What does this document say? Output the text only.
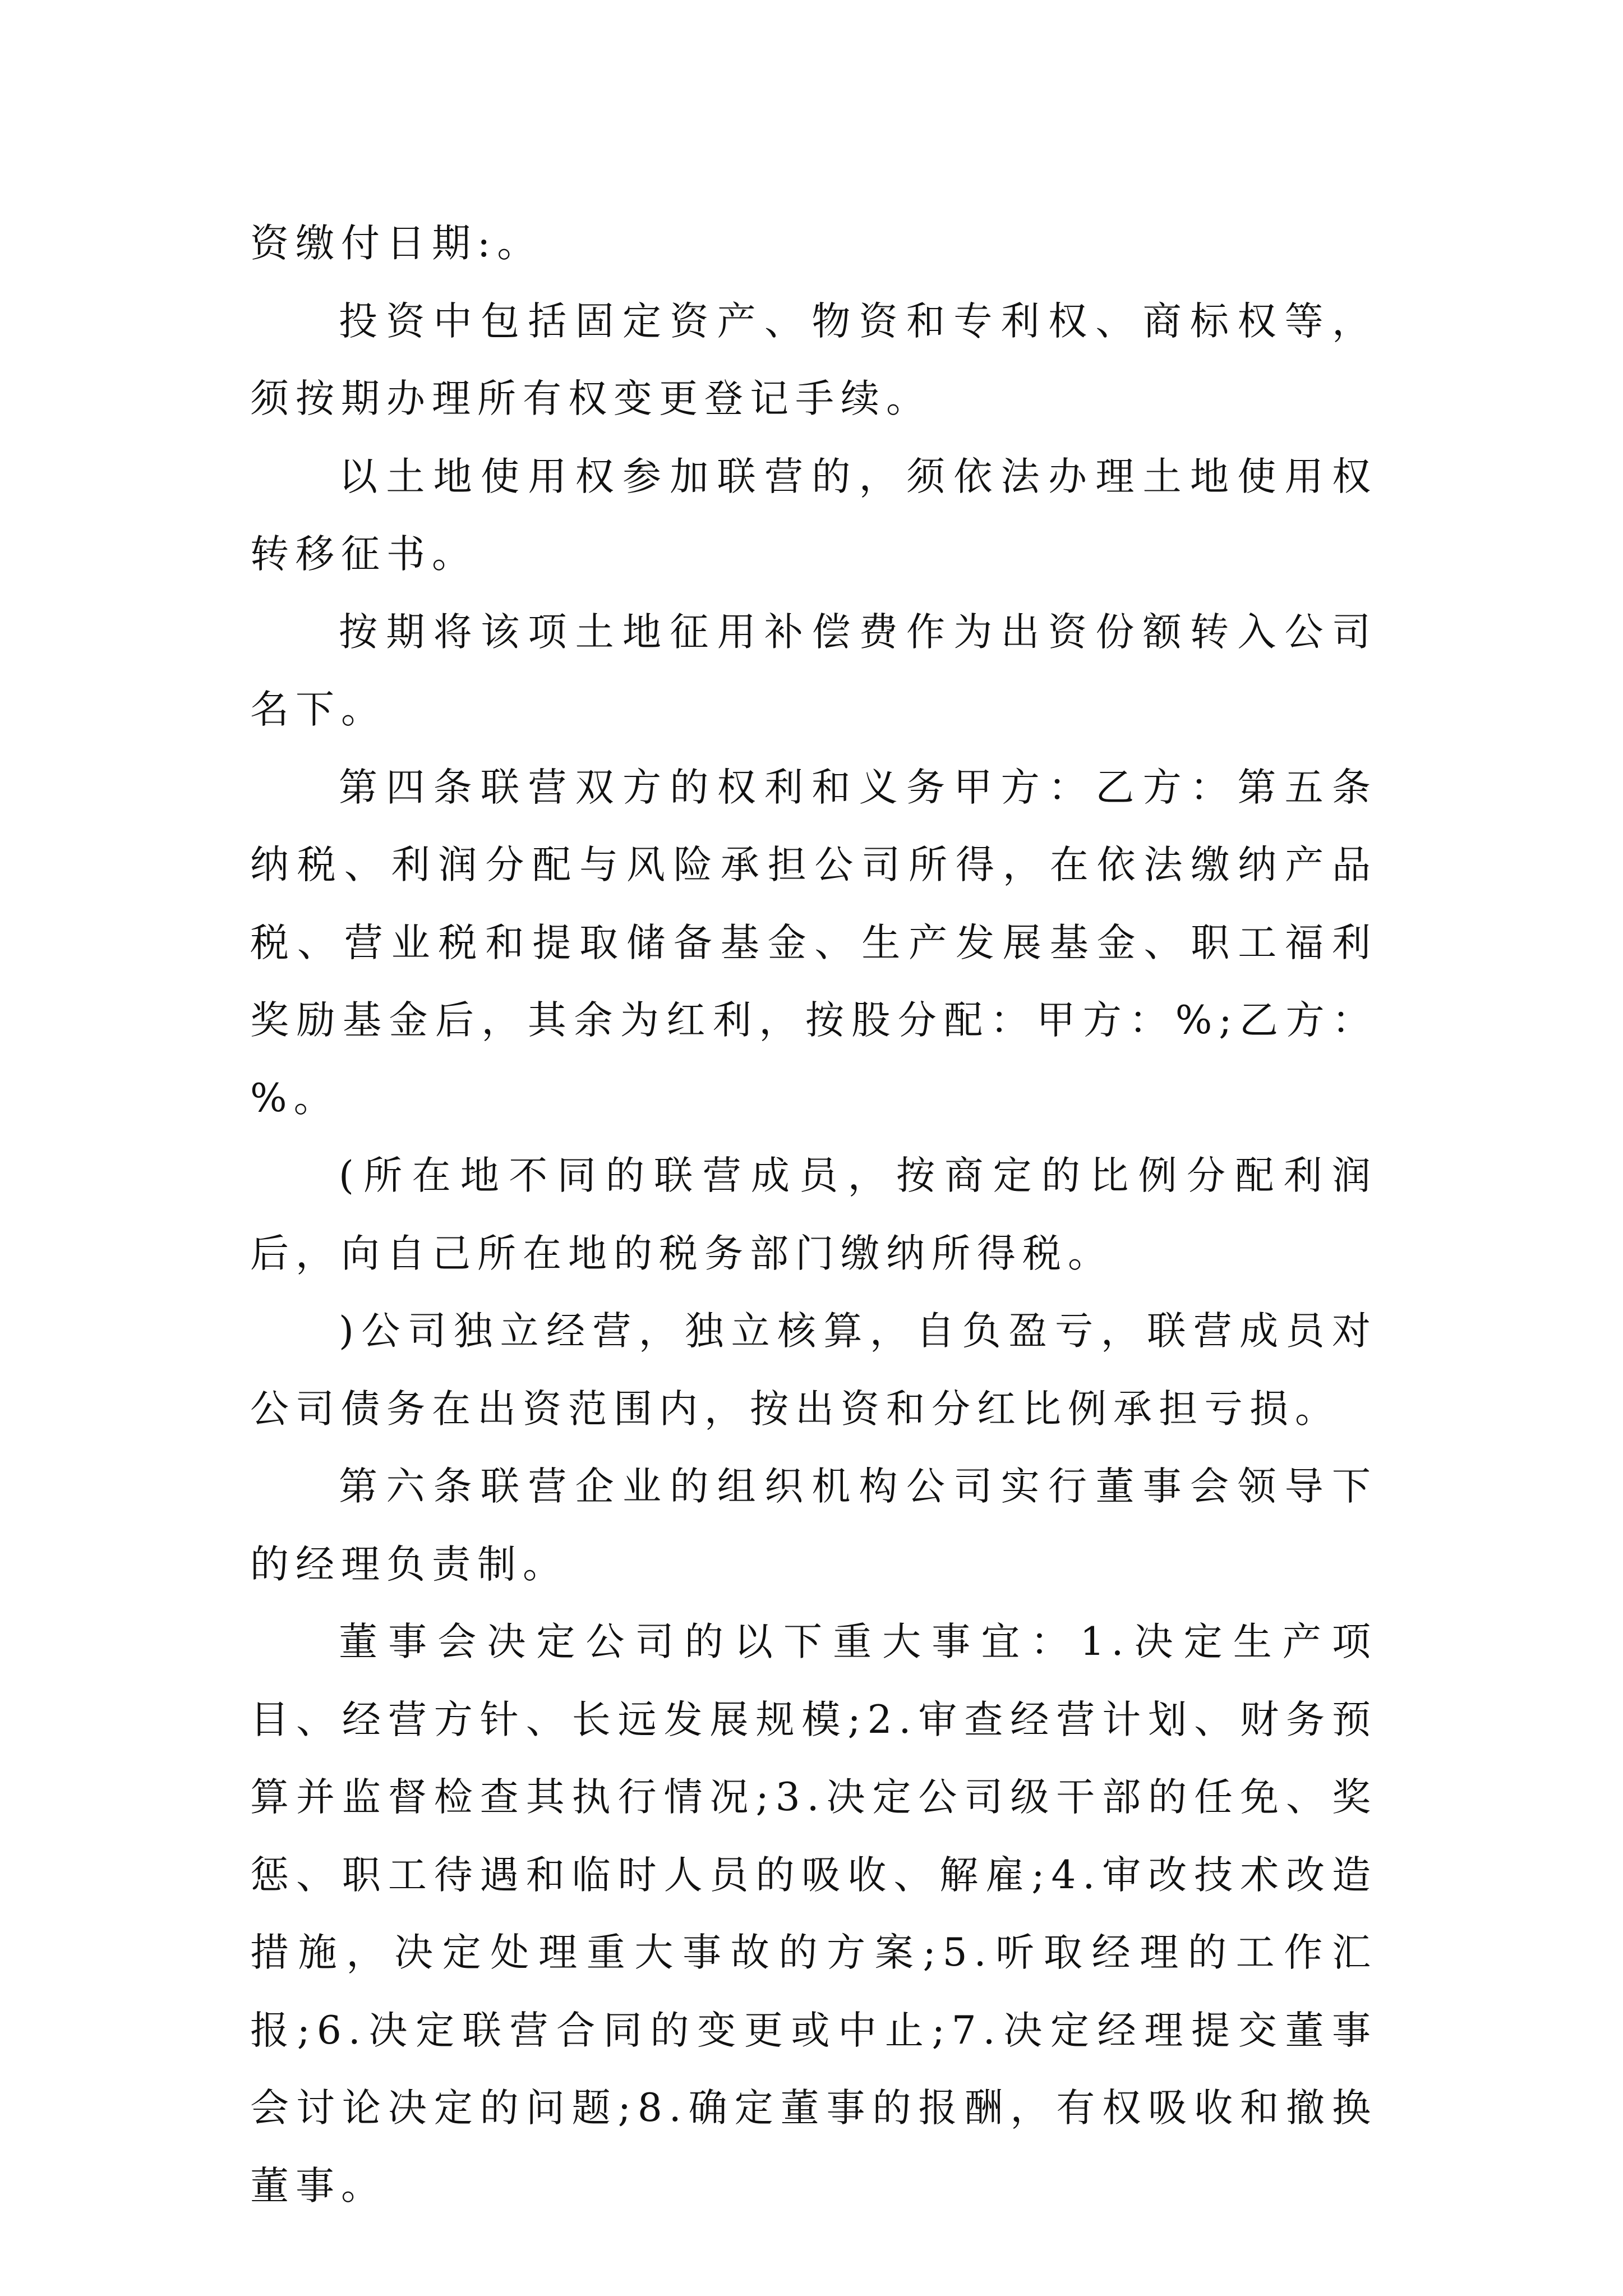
资缴付日期:。

投资中包括固定资产、物资和专利权、商标权等，须按期办理所有权变更登记手续。

以土地使用权参加联营的，须依法办理土地使用权转移征书。

按期将该项土地征用补偿费作为出资份额转入公司名下。

第四条联营双方的权利和义务甲方：乙方：第五条纳税、利润分配与风险承担公司所得，在依法缴纳产品税、营业税和提取储备基金、生产发展基金、职工福利奖励基金后，其余为红利，按股分配：甲方：%;乙方：%。

(所在地不同的联营成员，按商定的比例分配利润后，向自己所在地的税务部门缴纳所得税。

)公司独立经营，独立核算，自负盈亏，联营成员对公司债务在出资范围内，按出资和分红比例承担亏损。

第六条联营企业的组织机构公司实行董事会领导下的经理负责制。

董事会决定公司的以下重大事宜：1.决定生产项目、经营方针、长远发展规模;2.审查经营计划、财务预算并监督检查其执行情况;3.决定公司级干部的任免、奖惩、职工待遇和临时人员的吸收、解雇;4.审改技术改造措施，决定处理重大事故的方案;5.听取经理的工作汇报;6.决定联营合同的变更或中止;7.决定经理提交董事会讨论决定的问题;8.确定董事的报酬，有权吸收和撤换董事。
